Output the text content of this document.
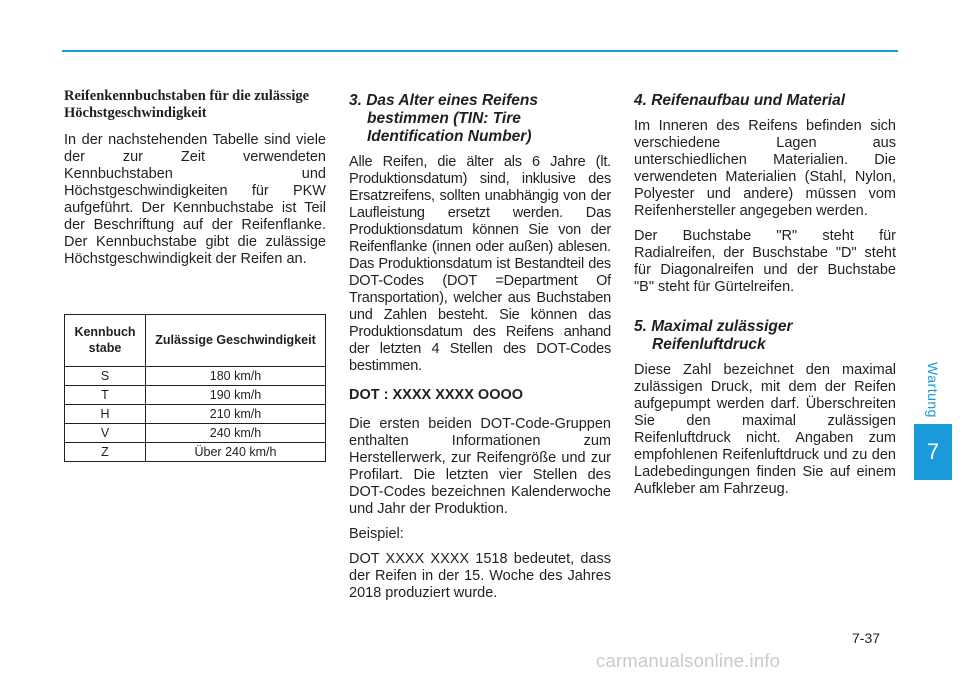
Reifenkennbuchstaben für die zulässige Höchstgeschwindigkeit

In der nachstehenden Tabelle sind viele der zur Zeit verwendeten Kennbuchstaben und Höchstgeschwindigkeiten für PKW aufgeführt. Der Kennbuchstabe ist Teil der Beschriftung auf der Reifenflanke. Der Kennbuchstabe gibt die zulässige Höchstgeschwindigkeit der Reifen an.

Kennbuch stabe	Zulässige Geschwindigkeit
S	180 km/h
T	190 km/h
H	210 km/h
V	240 km/h
Z	Über 240 km/h
3. Das Alter eines Reifens bestimmen (TIN: Tire Identification Number)

Alle Reifen, die älter als 6 Jahre (lt. Produktionsdatum) sind, inklusive des Ersatzreifens, sollten unabhängig von der Laufleistung ersetzt werden. Das Produktionsdatum können Sie von der Reifenflanke (innen oder außen) ablesen. Das Produktionsdatum ist Bestandteil des DOT-Codes (DOT =Department Of Transportation), welcher aus Buchstaben und Zahlen besteht. Sie können das Produktionsdatum des Reifens anhand der letzten 4 Stellen des DOT-Codes bestimmen.

DOT : XXXX XXXX OOOO

Die ersten beiden DOT-Code-Gruppen enthalten Informationen zum Herstellerwerk, zur Reifengröße und zur Profilart. Die letzten vier Stellen des DOT-Codes bezeichnen Kalenderwoche und Jahr der Produktion.

Beispiel:

DOT XXXX XXXX 1518 bedeutet, dass der Reifen in der 15. Woche des Jahres 2018 produziert wurde.

4. Reifenaufbau und Material

Im Inneren des Reifens befinden sich verschiedene Lagen aus unterschiedlichen Materialien. Die verwendeten Materialien (Stahl, Nylon, Polyester und andere) müssen vom Reifenhersteller angegeben werden.

Der Buchstabe "R" steht für Radialreifen, der Buschstabe "D" steht für Diagonalreifen und der Buchstabe "B" steht für Gürtelreifen.

5. Maximal zulässiger Reifenluftdruck

Diese Zahl bezeichnet den maximal zulässigen Druck, mit dem der Reifen aufgepumpt werden darf. Überschreiten Sie den maximal zulässigen Reifenluftdruck nicht. Angaben zum empfohlenen Reifenluftdruck und zu den Ladebedingungen finden Sie auf einem Aufkleber am Fahrzeug.

Wartung
7
7-37
carmanualsonline.info
